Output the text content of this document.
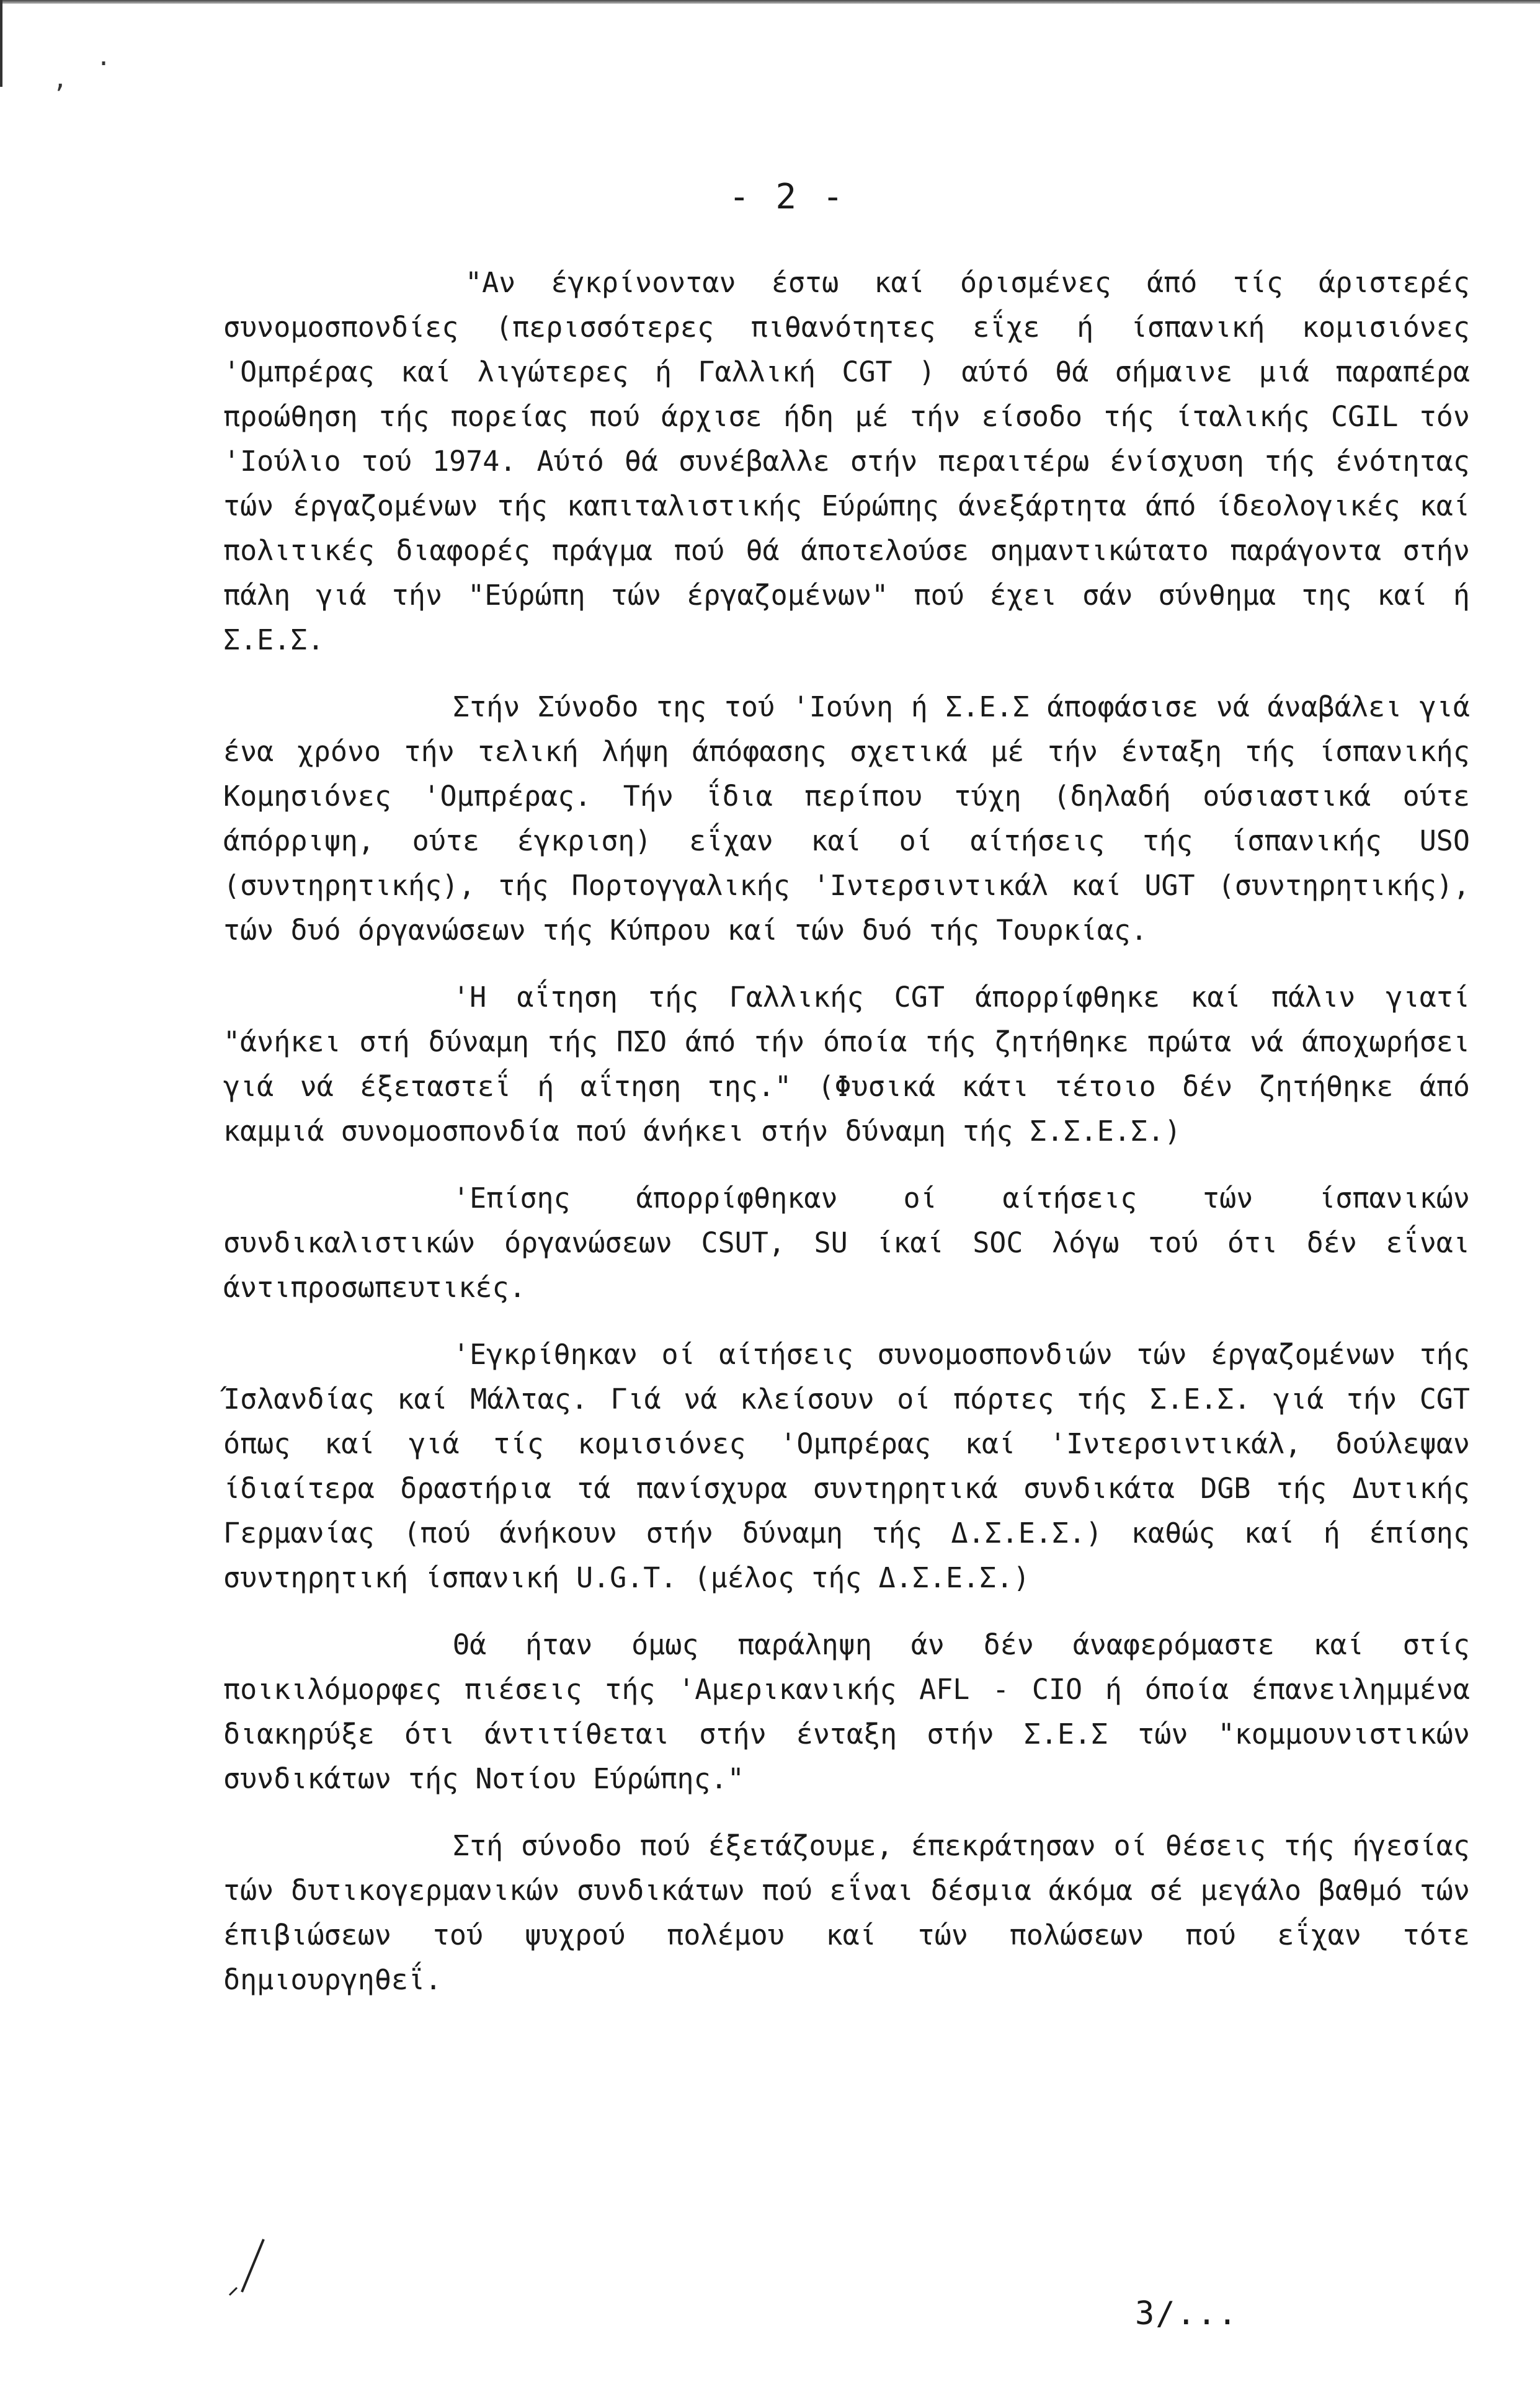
,
·
- 2 -

"Αν έγκρίνονταν έστω καί όρισμένες άπό τίς άριστερές συνομοσπονδίες (περισσότερες πιθανότητες εΐχε ή ίσπανική κομισιόνες 'Ομπρέρας καί λιγώτερες ή Γαλλική CGT ) αύτό θά σήμαινε μιά παραπέρα προώθηση τής πορείας πού άρχισε ήδη μέ τήν είσοδο τής ίταλικής CGIL τόν 'Ιούλιο τού 1974. Αύτό θά συνέβαλλε στήν περαιτέρω ένίσχυση τής ένότητας τών έργαζομένων τής καπιταλιστικής Εύρώπης άνεξάρτητα άπό ίδεολογικές καί πολιτικές διαφορές πράγμα πού θά άποτελούσε σημαντικώτατο παράγοντα στήν πάλη γιά τήν "Εύρώπη τών έργαζομένων" πού έχει σάν σύνθημα της καί ή Σ.Ε.Σ.

Στήν Σύνοδο της τού 'Ιούνη ή Σ.Ε.Σ άποφάσισε νά άναβάλει γιά ένα χρόνο τήν τελική λήψη άπόφασης σχετικά μέ τήν ένταξη τής ίσπανικής Κομησιόνες 'Ομπρέρας. Τήν ΐδια περίπου τύχη (δηλαδή ούσιαστικά ούτε άπόρριψη, ούτε έγκριση) εΐχαν καί οί αίτήσεις τής ίσπανικής USO (συντηρητικής), τής Πορτογγαλικής 'Ιντερσιντικάλ καί UGT (συντηρητικής), τών δυό όργανώσεων τής Κύπρου καί τών δυό τής Τουρκίας.

'Η αΐτηση τής Γαλλικής CGT άπορρίφθηκε καί πάλιν γιατί "άνήκει στή δύναμη τής ΠΣΟ άπό τήν όποία τής ζητήθηκε πρώτα νά άποχωρήσει γιά νά έξεταστεΐ ή αΐτηση της." (Φυσικά κάτι τέτοιο δέν ζητήθηκε άπό καμμιά συνομοσπονδία πού άνήκει στήν δύναμη τής Σ.Σ.Ε.Σ.)

'Επίσης άπορρίφθηκαν οί αίτήσεις τών ίσπανικών συνδικαλιστικών όργανώσεων CSUT, SU ίκαί SOC λόγω τού ότι δέν εΐναι άντιπροσωπευτικές.

'Εγκρίθηκαν οί αίτήσεις συνομοσπονδιών τών έργαζομένων τής Ίσλανδίας καί Μάλτας. Γιά νά κλείσουν οί πόρτες τής Σ.Ε.Σ. γιά τήν CGT όπως καί γιά τίς κομισιόνες 'Ομπρέρας καί 'Ιντερσιντικάλ, δούλεψαν ίδιαίτερα δραστήρια τά πανίσχυρα συντηρητικά συνδικάτα DGB τής Δυτικής Γερμανίας (πού άνήκουν στήν δύναμη τής Δ.Σ.Ε.Σ.) καθώς καί ή έπίσης συντηρητική ίσπανική U.G.T. (μέλος τής Δ.Σ.Ε.Σ.)

Θά ήταν όμως παράληψη άν δέν άναφερόμαστε καί στίς ποικιλόμορφες πιέσεις τής 'Αμερικανικής AFL - CIO ή όποία έπανειλημμένα διακηρύξε ότι άντιτίθεται στήν ένταξη στήν Σ.Ε.Σ τών "κομμουνιστικών συνδικάτων τής Νοτίου Εύρώπης."

Στή σύνοδο πού έξετάζουμε, έπεκράτησαν οί θέσεις τής ήγεσίας τών δυτικογερμανικών συνδικάτων πού εΐναι δέσμια άκόμα σέ μεγάλο βαθμό τών έπιβιώσεων τού ψυχρού πολέμου καί τών πολώσεων πού εΐχαν τότε δημιουργηθεΐ.

3/...
